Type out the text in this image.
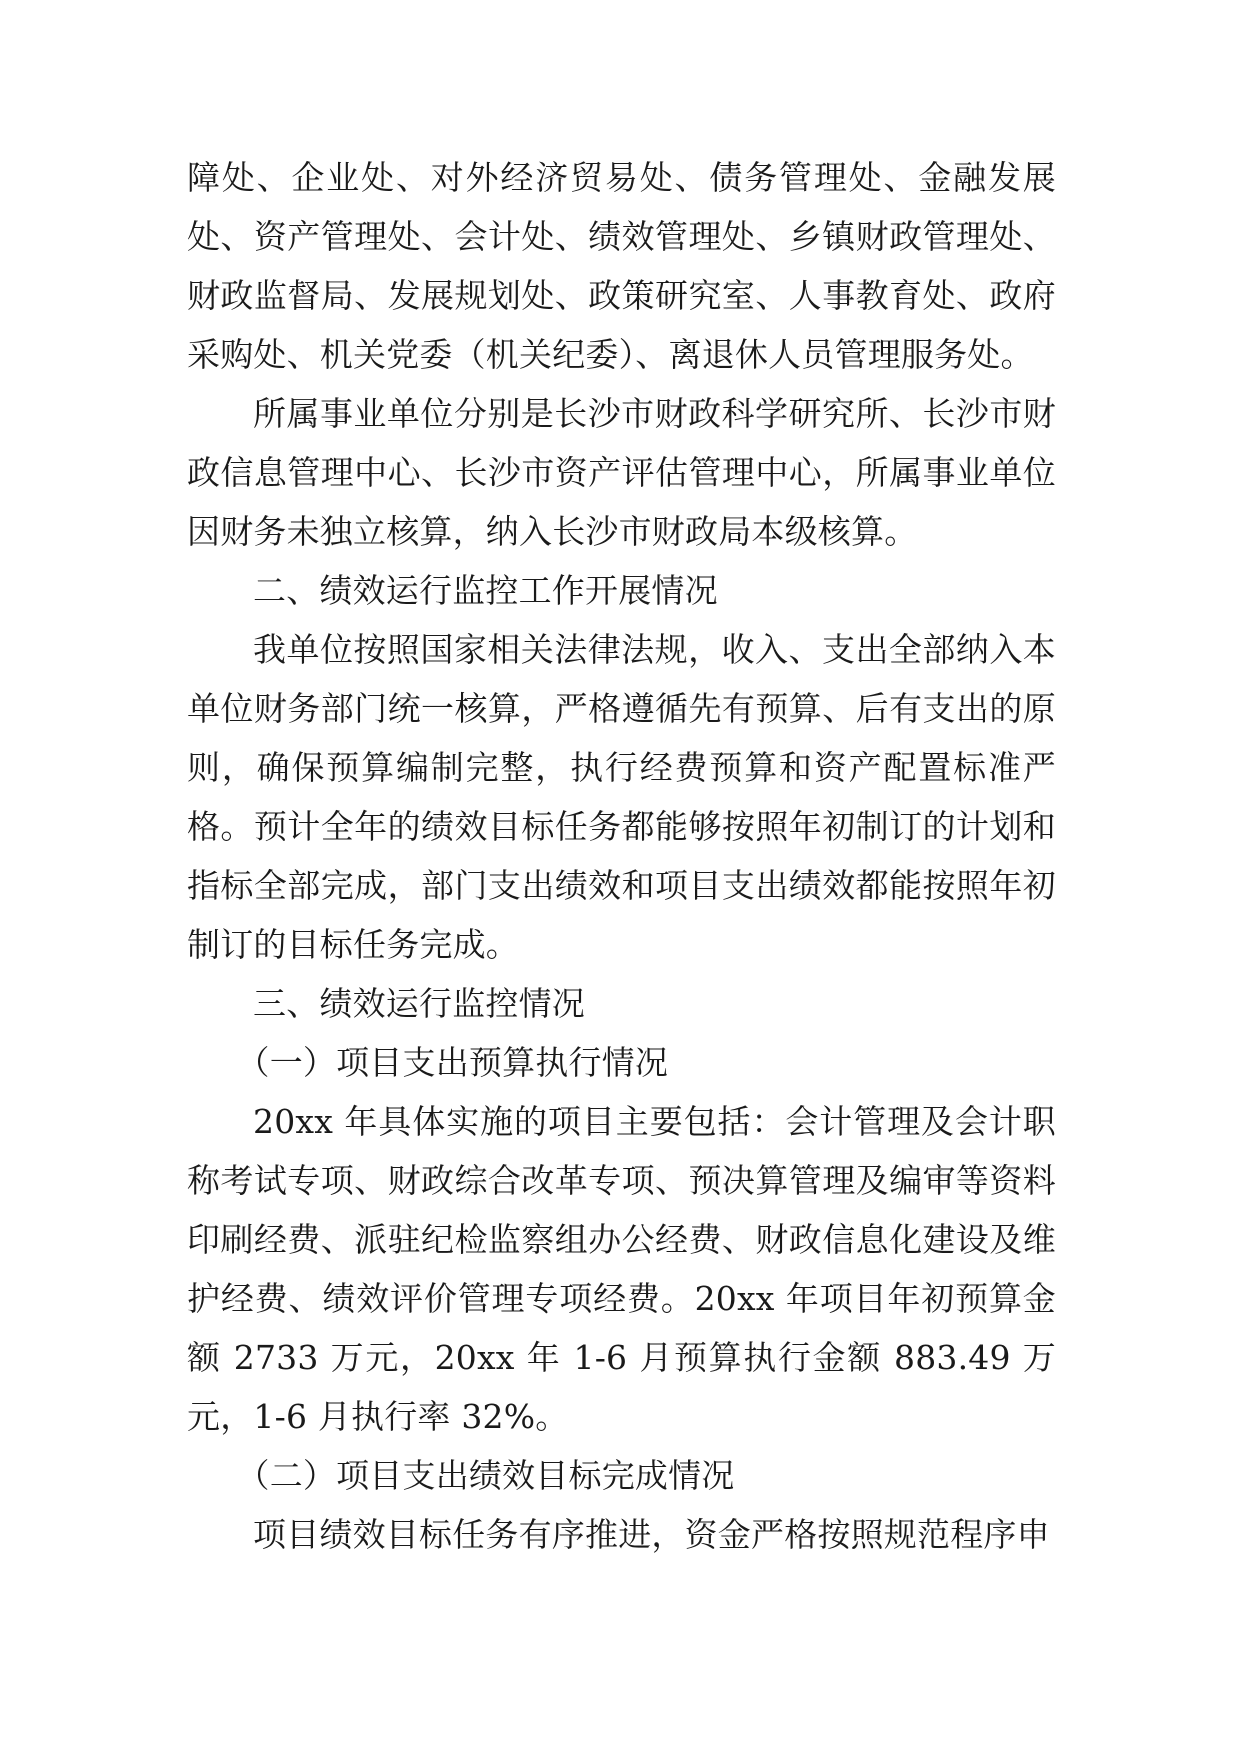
障处、企业处、对外经济贸易处、债务管理处、金融发展处、资产管理处、会计处、绩效管理处、乡镇财政管理处、财政监督局、发展规划处、政策研究室、人事教育处、政府采购处、机关党委（机关纪委）、离退休人员管理服务处。

所属事业单位分别是长沙市财政科学研究所、长沙市财政信息管理中心、长沙市资产评估管理中心，所属事业单位因财务未独立核算，纳入长沙市财政局本级核算。

二、绩效运行监控工作开展情况

我单位按照国家相关法律法规，收入、支出全部纳入本单位财务部门统一核算，严格遵循先有预算、后有支出的原则，确保预算编制完整，执行经费预算和资产配置标准严格。预计全年的绩效目标任务都能够按照年初制订的计划和指标全部完成，部门支出绩效和项目支出绩效都能按照年初制订的目标任务完成。

三、绩效运行监控情况

（一）项目支出预算执行情况

20xx 年具体实施的项目主要包括：会计管理及会计职称考试专项、财政综合改革专项、预决算管理及编审等资料印刷经费、派驻纪检监察组办公经费、财政信息化建设及维护经费、绩效评价管理专项经费。20xx 年项目年初预算金额 2733 万元，20xx 年 1-6 月预算执行金额 883.49 万元，1-6 月执行率 32%。

（二）项目支出绩效目标完成情况

项目绩效目标任务有序推进，资金严格按照规范程序申
